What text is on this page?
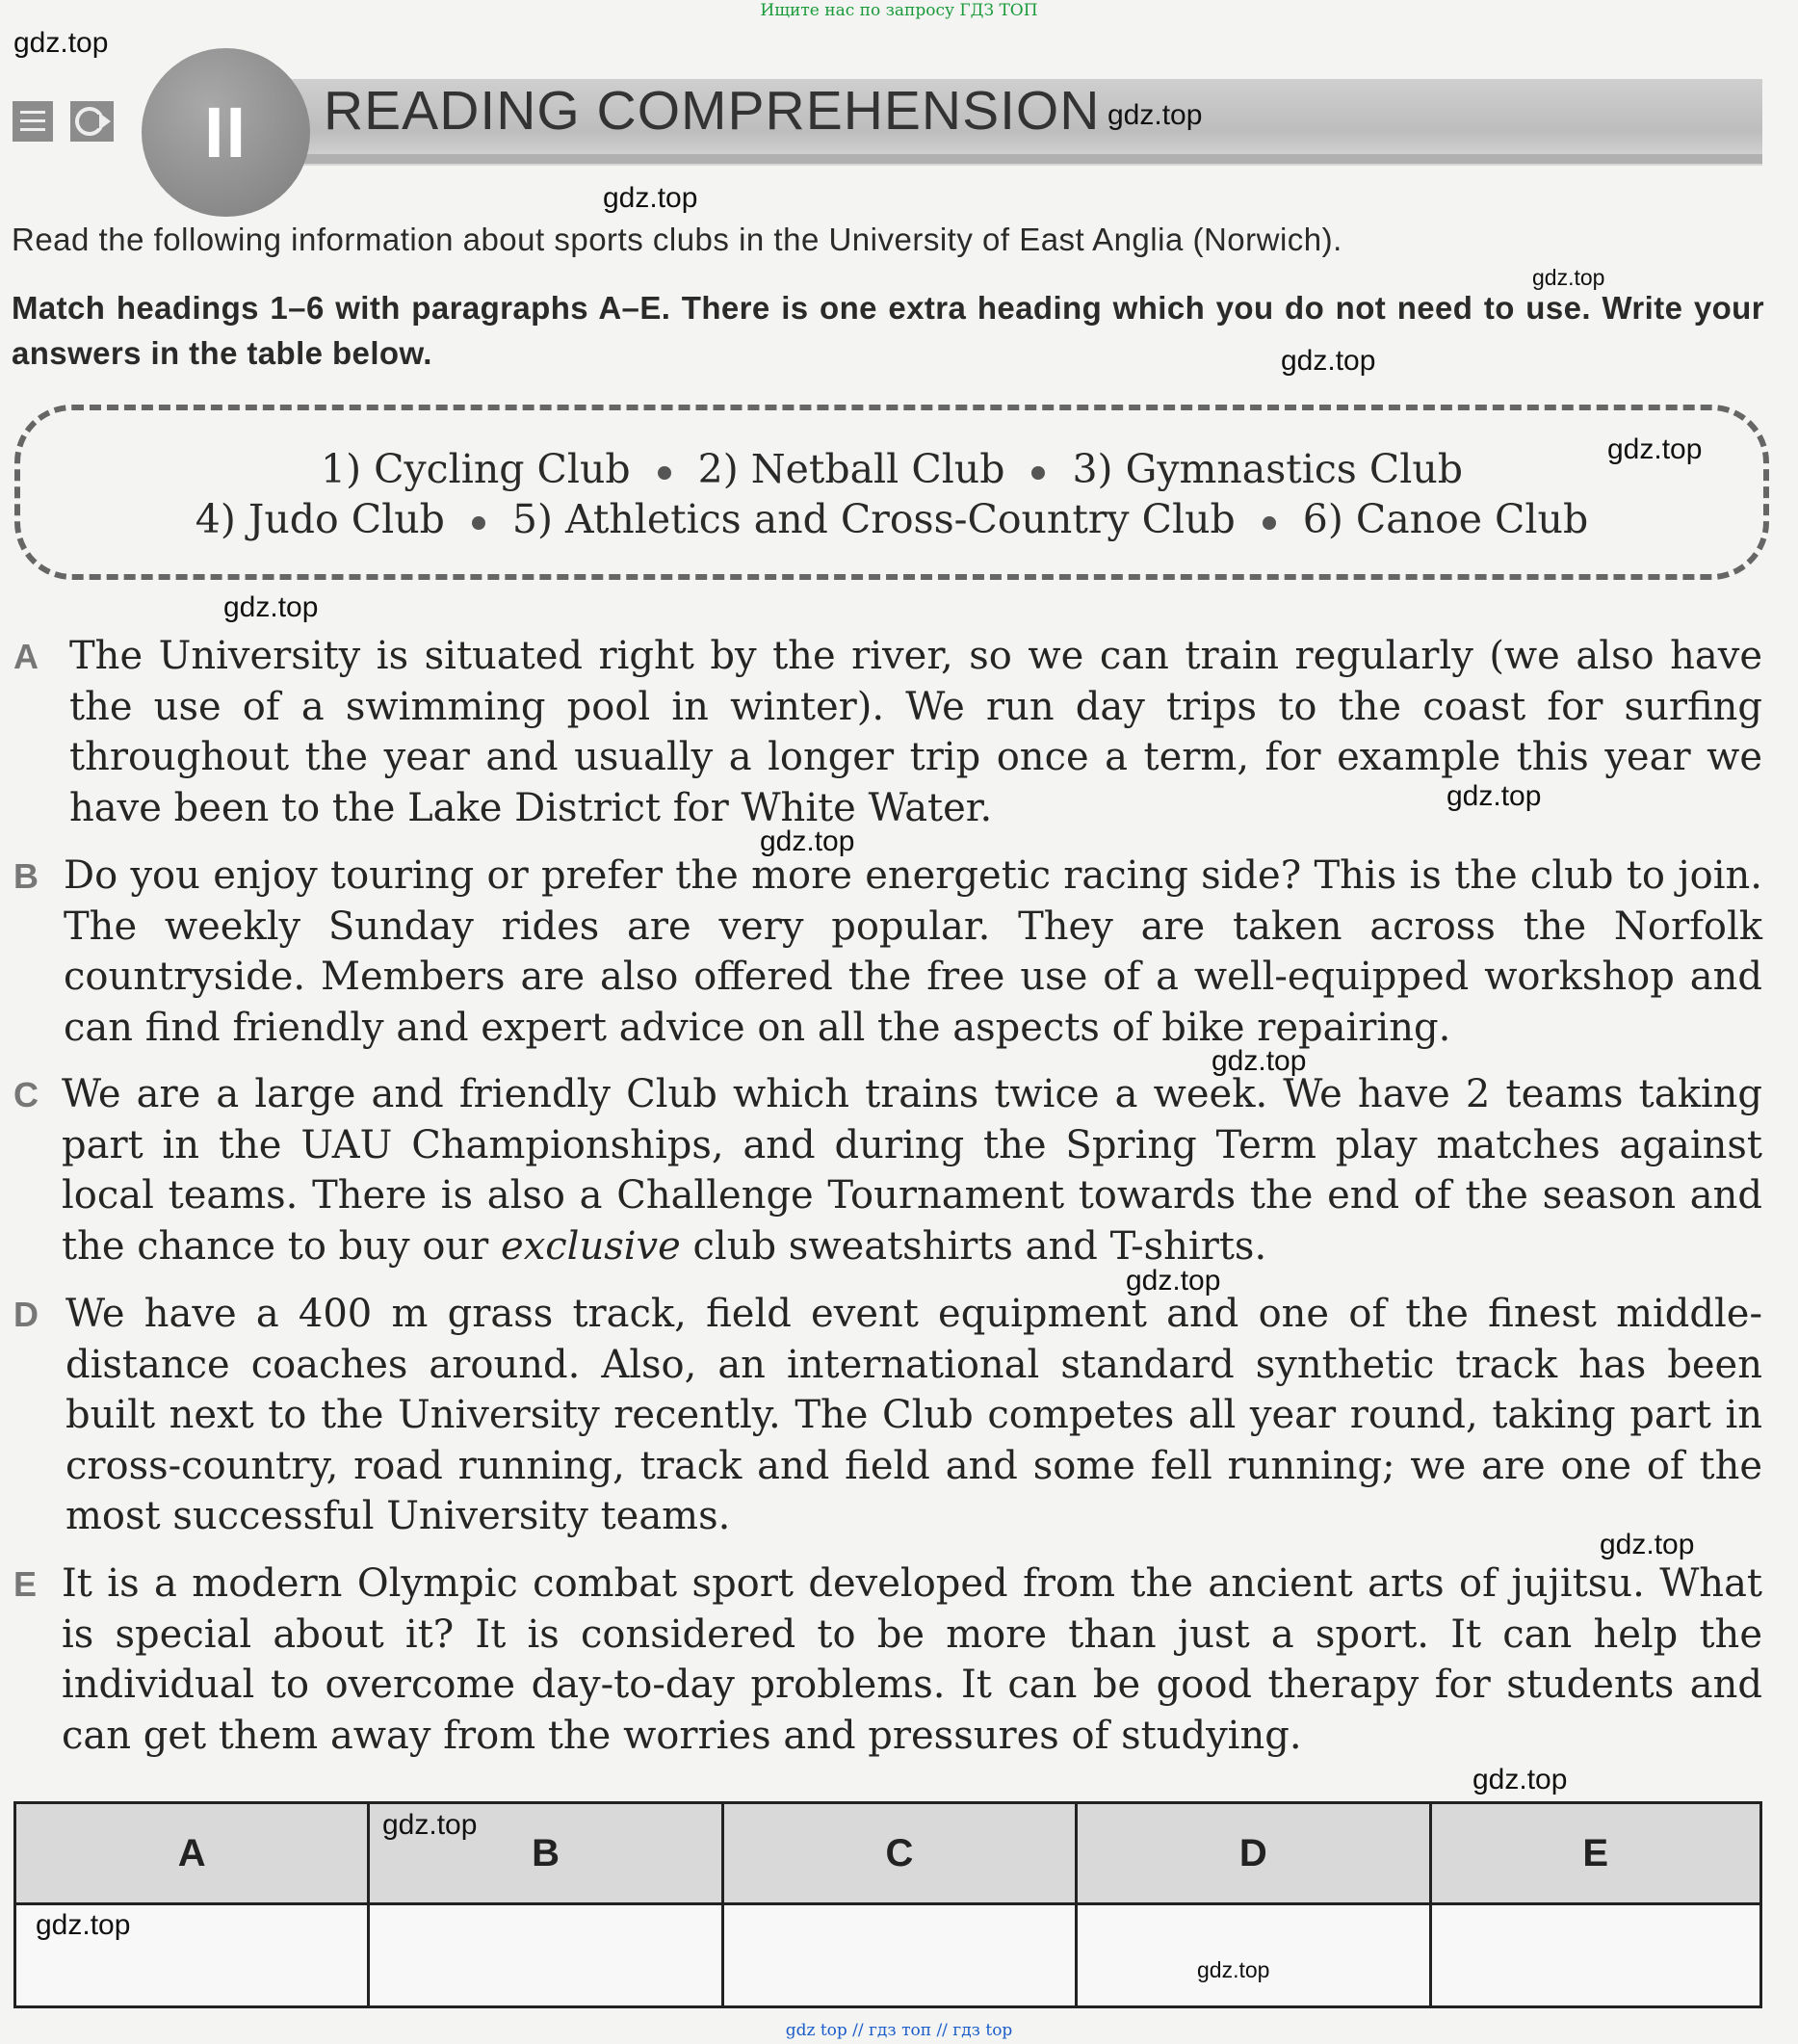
Ищите нас по запросу ГДЗ ТОП
II READING COMPREHENSION
Read the following information about sports clubs in the University of East Anglia (Norwich).
Match headings 1–6 with paragraphs A–E. There is one extra heading which you do not need to use. Write your answers in the table below.
1) Cycling Club 2) Netball Club 3) Gymnastics Club
4) Judo Club 5) Athletics and Cross-Country Club 6) Canoe Club
A The University is situated right by the river, so we can train regularly (we also have the use of a swimming pool in winter). We run day trips to the coast for surfing throughout the year and usually a longer trip once a term, for example this year we have been to the Lake District for White Water.
B Do you enjoy touring or prefer the more energetic racing side? This is the club to join. The weekly Sunday rides are very popular. They are taken across the Norfolk countryside. Members are also offered the free use of a well-equipped workshop and can find friendly and expert advice on all the aspects of bike repairing.
C We are a large and friendly Club which trains twice a week. We have 2 teams taking part in the UAU Championships, and during the Spring Term play matches against local teams. There is also a Challenge Tournament towards the end of the season and the chance to buy our exclusive club sweatshirts and T-shirts.
D We have a 400 m grass track, field event equipment and one of the finest middle-distance coaches around. Also, an international standard synthetic track has been built next to the University recently. The Club competes all year round, taking part in cross-country, road running, track and field and some fell running; we are one of the most successful University teams.
E It is a modern Olympic combat sport developed from the ancient arts of jujitsu. What is special about it? It is considered to be more than just a sport. It can help the individual to overcome day-to-day problems. It can be good therapy for students and can get them away from the worries and pressures of studying.
A	B	C	D	E

gdz.top
gdz.top
gdz.top
gdz.top
gdz.top
gdz.top
gdz.top
gdz.top
gdz.top
gdz.top
gdz.top
gdz.top
gdz.top
gdz.top
gdz.top
gdz.top
gdz top // гдз топ // гдз top
